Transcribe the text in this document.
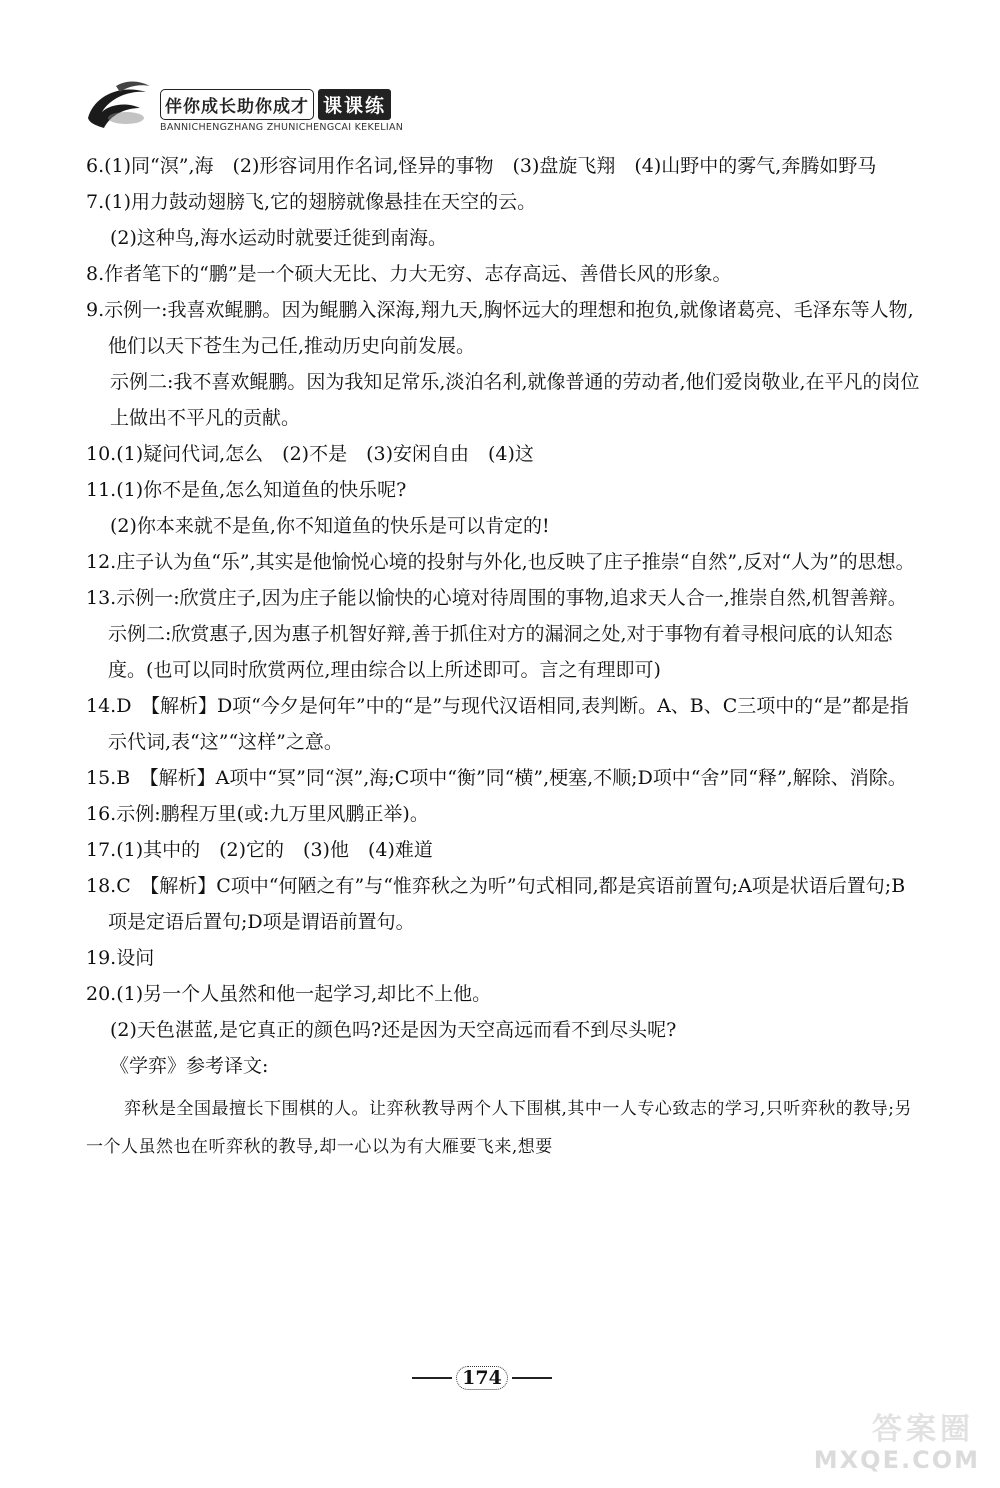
伴你成长助你成才 课课练
BANNICHENGZHANG ZHUNICHENGCAI KEKELIAN

6.(1)同“溟”,海　(2)形容词用作名词,怪异的事物　(3)盘旋飞翔　(4)山野中的雾气,奔腾如野马

7.(1)用力鼓动翅膀飞,它的翅膀就像悬挂在天空的云。

(2)这种鸟,海水运动时就要迁徙到南海。

8.作者笔下的“鹏”是一个硕大无比、力大无穷、志存高远、善借长风的形象。

9.示例一:我喜欢鲲鹏。因为鲲鹏入深海,翔九天,胸怀远大的理想和抱负,就像诸葛亮、毛泽东等人物,他们以天下苍生为己任,推动历史向前发展。

示例二:我不喜欢鲲鹏。因为我知足常乐,淡泊名利,就像普通的劳动者,他们爱岗敬业,在平凡的岗位上做出不平凡的贡献。

10.(1)疑问代词,怎么　(2)不是　(3)安闲自由　(4)这

11.(1)你不是鱼,怎么知道鱼的快乐呢?

(2)你本来就不是鱼,你不知道鱼的快乐是可以肯定的!

12.庄子认为鱼“乐”,其实是他愉悦心境的投射与外化,也反映了庄子推崇“自然”,反对“人为”的思想。

13.示例一:欣赏庄子,因为庄子能以愉快的心境对待周围的事物,追求天人合一,推崇自然,机智善辩。　示例二:欣赏惠子,因为惠子机智好辩,善于抓住对方的漏洞之处,对于事物有着寻根问底的认知态度。(也可以同时欣赏两位,理由综合以上所述即可。言之有理即可)

14.D　【解析】D项“今夕是何年”中的“是”与现代汉语相同,表判断。A、B、C三项中的“是”都是指示代词,表“这”“这样”之意。

15.B　【解析】A项中“冥”同“溟”,海;C项中“衡”同“横”,梗塞,不顺;D项中“舍”同“释”,解除、消除。

16.示例:鹏程万里(或:九万里风鹏正举)。

17.(1)其中的　(2)它的　(3)他　(4)难道

18.C　【解析】C项中“何陋之有”与“惟弈秋之为听”句式相同,都是宾语前置句;A项是状语后置句;B项是定语后置句;D项是谓语前置句。

19.设问

20.(1)另一个人虽然和他一起学习,却比不上他。

(2)天色湛蓝,是它真正的颜色吗?还是因为天空高远而看不到尽头呢?

《学弈》参考译文:

弈秋是全国最擅长下围棋的人。让弈秋教导两个人下围棋,其中一人专心致志的学习,只听弈秋的教导;另一个人虽然也在听弈秋的教导,却一心以为有大雁要飞来,想要

174
答案圈
MXQE.COM
